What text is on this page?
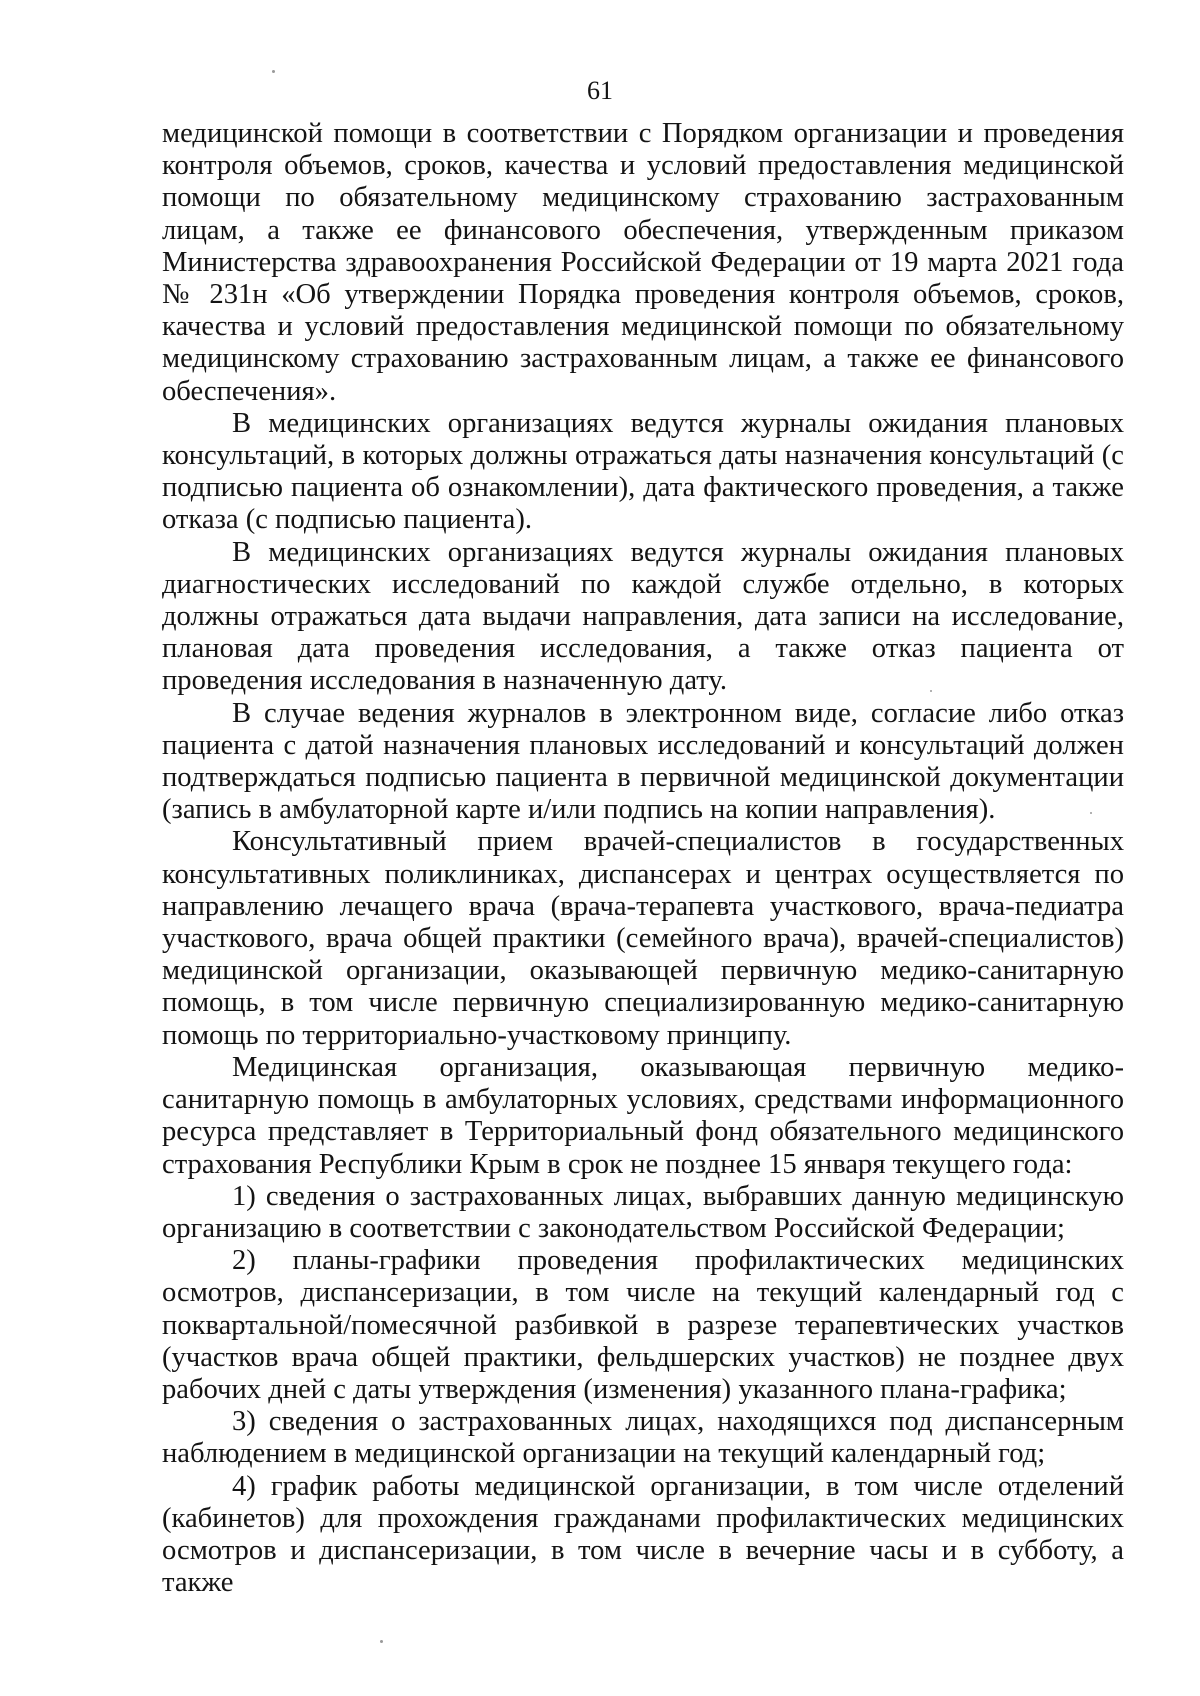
61

медицинской помощи в соответствии с Порядком организации и проведения контроля объемов, сроков, качества и условий предоставления медицинской помощи по обязательному медицинскому страхованию застрахованным лицам, а также ее финансового обеспечения, утвержденным приказом Министерства здравоохранения Российской Федерации от 19 марта 2021 года № 231н «Об утверждении Порядка проведения контроля объемов, сроков, качества и условий предоставления медицинской помощи по обязательному медицинскому страхованию застрахованным лицам, а также ее финансового обеспечения».

В медицинских организациях ведутся журналы ожидания плановых консультаций, в которых должны отражаться даты назначения консультаций (с подписью пациента об ознакомлении), дата фактического проведения, а также отказа (с подписью пациента).

В медицинских организациях ведутся журналы ожидания плановых диагностических исследований по каждой службе отдельно, в которых должны отражаться дата выдачи направления, дата записи на исследование, плановая дата проведения исследования, а также отказ пациента от проведения исследования в назначенную дату.

В случае ведения журналов в электронном виде, согласие либо отказ пациента с датой назначения плановых исследований и консультаций должен подтверждаться подписью пациента в первичной медицинской документации (запись в амбулаторной карте и/или подпись на копии направления).

Консультативный прием врачей-специалистов в государственных консультативных поликлиниках, диспансерах и центрах осуществляется по направлению лечащего врача (врача-терапевта участкового, врача-педиатра участкового, врача общей практики (семейного врача), врачей-специалистов) медицинской организации, оказывающей первичную медико-санитарную помощь, в том числе первичную специализированную медико-санитарную помощь по территориально-участковому принципу.

Медицинская организация, оказывающая первичную медико-санитарную помощь в амбулаторных условиях, средствами информационного ресурса представляет в Территориальный фонд обязательного медицинского страхования Республики Крым в срок не позднее 15 января текущего года:

1) сведения о застрахованных лицах, выбравших данную медицинскую организацию в соответствии с законодательством Российской Федерации;

2) планы-графики проведения профилактических медицинских осмотров, диспансеризации, в том числе на текущий календарный год с поквартальной/помесячной разбивкой в разрезе терапевтических участков (участков врача общей практики, фельдшерских участков) не позднее двух рабочих дней с даты утверждения (изменения) указанного плана-графика;

3) сведения о застрахованных лицах, находящихся под диспансерным наблюдением в медицинской организации на текущий календарный год;

4) график работы медицинской организации, в том числе отделений (кабинетов) для прохождения гражданами профилактических медицинских осмотров и диспансеризации, в том числе в вечерние часы и в субботу, а также
